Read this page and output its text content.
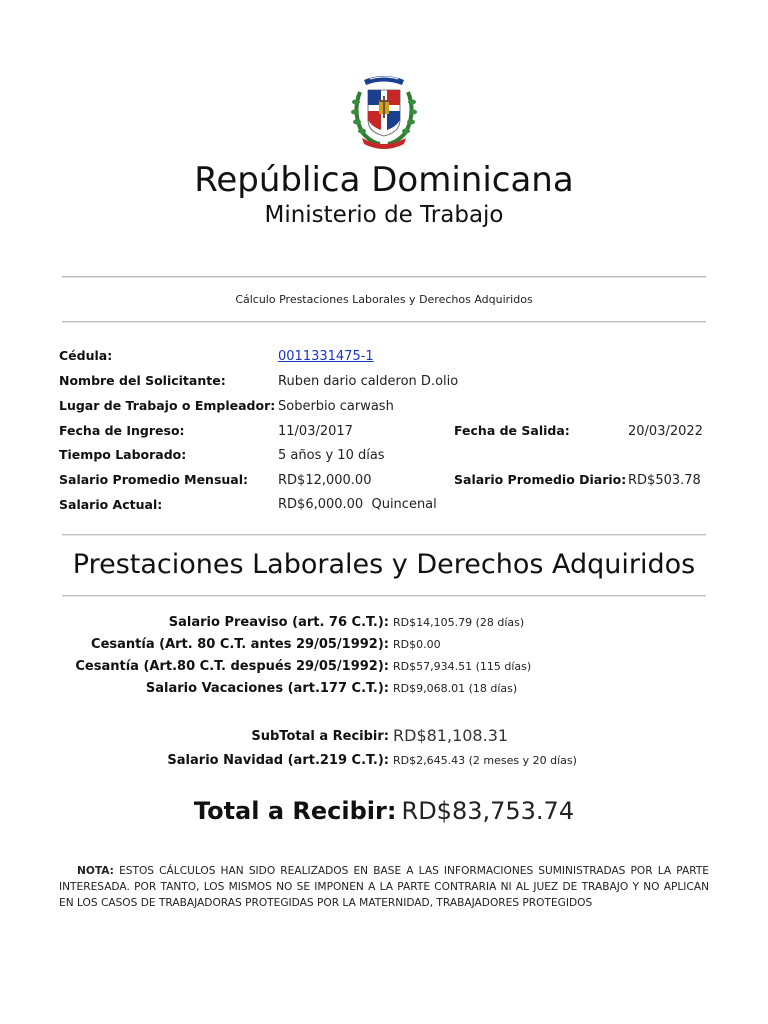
República Dominicana
Ministerio de Trabajo
Cálculo Prestaciones Laborales y Derechos Adquiridos
Cédula:	0011331475-1
Nombre del Solicitante:	Ruben dario calderon D.olio
Lugar de Trabajo o Empleador: Soberbio carwash
Fecha de Ingreso:	11/03/2017	Fecha de Salida:	20/03/2022
Tiempo Laborado:	5 años y 10 días
Salario Promedio Mensual: RD$12,000.00	Salario Promedio Diario: RD$503.78
Salario Actual:	RD$6,000.00  Quincenal
Prestaciones Laborales y Derechos Adquiridos
Salario Preaviso (art. 76 C.T.): RD$14,105.79 (28 días)
Cesantía (Art. 80 C.T. antes 29/05/1992): RD$0.00
Cesantía (Art.80 C.T. después 29/05/1992): RD$57,934.51 (115 días)
Salario Vacaciones (art.177 C.T.): RD$9,068.01 (18 días)
SubTotal a Recibir: RD$81,108.31
Salario Navidad (art.219 C.T.): RD$2,645.43 (2 meses y 20 días)
Total a Recibir: RD$83,753.74
NOTA: ESTOS CÁLCULOS HAN SIDO REALIZADOS EN BASE A LAS INFORMACIONES SUMINISTRADAS POR LA PARTE INTERESADA. POR TANTO, LOS MISMOS NO SE IMPONEN A LA PARTE CONTRARIA NI AL JUEZ DE TRABAJO Y NO APLICAN EN LOS CASOS DE TRABAJADORAS PROTEGIDAS POR LA MATERNIDAD, TRABAJADORES PROTEGIDOS
